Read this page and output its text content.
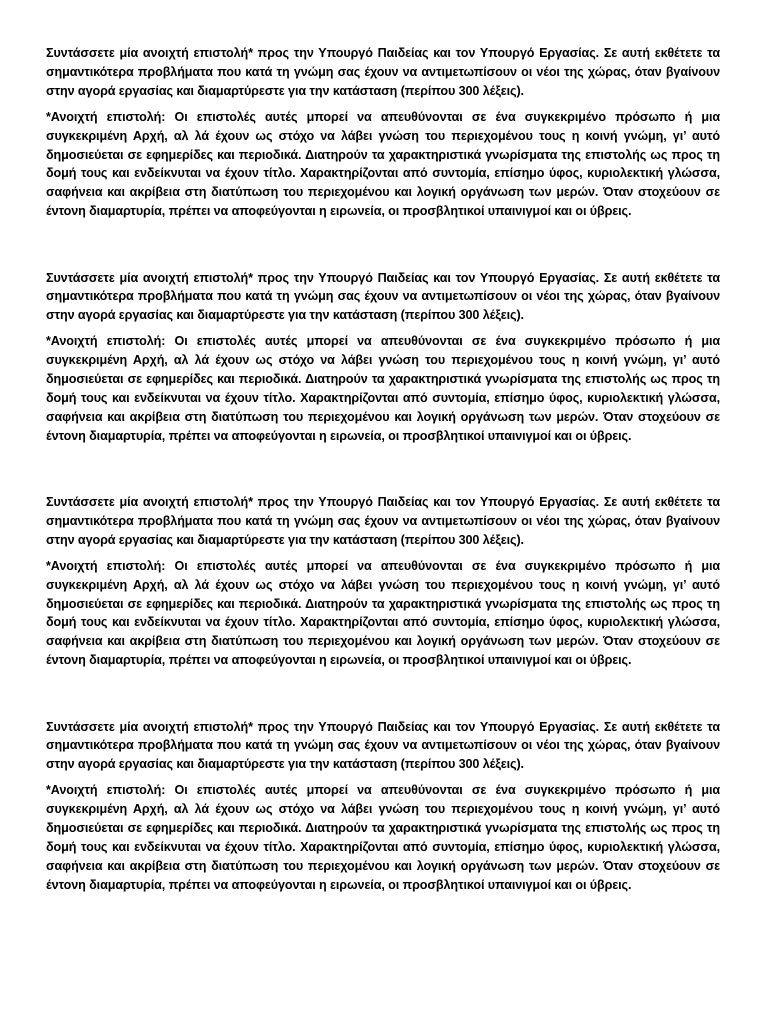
Συντάσσετε μία ανοιχτή επιστολή* προς την Υπουργό Παιδείας και τον Υπουργό Εργασίας. Σε αυτή εκθέτετε τα σημαντικότερα προβλήματα που κατά τη γνώμη σας έχουν να αντιμετωπίσουν οι νέοι της χώρας, όταν βγαίνουν στην αγορά εργασίας και διαμαρτύρεστε για την κατάσταση (περίπου 300 λέξεις).

*Ανοιχτή επιστολή: Οι επιστολές αυτές μπορεί να απευθύνονται σε ένα συγκεκριμένο πρόσωπο ή μια συγκεκριμένη Αρχή, αλ λά έχουν ως στόχο να λάβει γνώση του περιεχομένου τους η κοινή γνώμη, γι’ αυτό δημοσιεύεται σε εφημερίδες και περιοδικά. Διατηρούν τα χαρακτηριστικά γνωρίσματα της επιστολής ως προς τη δομή τους και ενδείκνυται να έχουν τίτλο. Χαρακτηρίζονται από συντομία, επίσημο ύφος, κυριολεκτική γλώσσα, σαφήνεια και ακρίβεια στη διατύπωση του περιεχομένου και λογική οργάνωση των μερών. Όταν στοχεύουν σε έντονη διαμαρτυρία, πρέπει να αποφεύγονται η ειρωνεία, οι προσβλητικοί υπαινιγμοί και οι ύβρεις.

Συντάσσετε μία ανοιχτή επιστολή* προς την Υπουργό Παιδείας και τον Υπουργό Εργασίας. Σε αυτή εκθέτετε τα σημαντικότερα προβλήματα που κατά τη γνώμη σας έχουν να αντιμετωπίσουν οι νέοι της χώρας, όταν βγαίνουν στην αγορά εργασίας και διαμαρτύρεστε για την κατάσταση (περίπου 300 λέξεις).

*Ανοιχτή επιστολή: Οι επιστολές αυτές μπορεί να απευθύνονται σε ένα συγκεκριμένο πρόσωπο ή μια συγκεκριμένη Αρχή, αλ λά έχουν ως στόχο να λάβει γνώση του περιεχομένου τους η κοινή γνώμη, γι’ αυτό δημοσιεύεται σε εφημερίδες και περιοδικά. Διατηρούν τα χαρακτηριστικά γνωρίσματα της επιστολής ως προς τη δομή τους και ενδείκνυται να έχουν τίτλο. Χαρακτηρίζονται από συντομία, επίσημο ύφος, κυριολεκτική γλώσσα, σαφήνεια και ακρίβεια στη διατύπωση του περιεχομένου και λογική οργάνωση των μερών. Όταν στοχεύουν σε έντονη διαμαρτυρία, πρέπει να αποφεύγονται η ειρωνεία, οι προσβλητικοί υπαινιγμοί και οι ύβρεις.

Συντάσσετε μία ανοιχτή επιστολή* προς την Υπουργό Παιδείας και τον Υπουργό Εργασίας. Σε αυτή εκθέτετε τα σημαντικότερα προβλήματα που κατά τη γνώμη σας έχουν να αντιμετωπίσουν οι νέοι της χώρας, όταν βγαίνουν στην αγορά εργασίας και διαμαρτύρεστε για την κατάσταση (περίπου 300 λέξεις).

*Ανοιχτή επιστολή: Οι επιστολές αυτές μπορεί να απευθύνονται σε ένα συγκεκριμένο πρόσωπο ή μια συγκεκριμένη Αρχή, αλ λά έχουν ως στόχο να λάβει γνώση του περιεχομένου τους η κοινή γνώμη, γι’ αυτό δημοσιεύεται σε εφημερίδες και περιοδικά. Διατηρούν τα χαρακτηριστικά γνωρίσματα της επιστολής ως προς τη δομή τους και ενδείκνυται να έχουν τίτλο. Χαρακτηρίζονται από συντομία, επίσημο ύφος, κυριολεκτική γλώσσα, σαφήνεια και ακρίβεια στη διατύπωση του περιεχομένου και λογική οργάνωση των μερών. Όταν στοχεύουν σε έντονη διαμαρτυρία, πρέπει να αποφεύγονται η ειρωνεία, οι προσβλητικοί υπαινιγμοί και οι ύβρεις.

Συντάσσετε μία ανοιχτή επιστολή* προς την Υπουργό Παιδείας και τον Υπουργό Εργασίας. Σε αυτή εκθέτετε τα σημαντικότερα προβλήματα που κατά τη γνώμη σας έχουν να αντιμετωπίσουν οι νέοι της χώρας, όταν βγαίνουν στην αγορά εργασίας και διαμαρτύρεστε για την κατάσταση (περίπου 300 λέξεις).

*Ανοιχτή επιστολή: Οι επιστολές αυτές μπορεί να απευθύνονται σε ένα συγκεκριμένο πρόσωπο ή μια συγκεκριμένη Αρχή, αλ λά έχουν ως στόχο να λάβει γνώση του περιεχομένου τους η κοινή γνώμη, γι’ αυτό δημοσιεύεται σε εφημερίδες και περιοδικά. Διατηρούν τα χαρακτηριστικά γνωρίσματα της επιστολής ως προς τη δομή τους και ενδείκνυται να έχουν τίτλο. Χαρακτηρίζονται από συντομία, επίσημο ύφος, κυριολεκτική γλώσσα, σαφήνεια και ακρίβεια στη διατύπωση του περιεχομένου και λογική οργάνωση των μερών. Όταν στοχεύουν σε έντονη διαμαρτυρία, πρέπει να αποφεύγονται η ειρωνεία, οι προσβλητικοί υπαινιγμοί και οι ύβρεις.
